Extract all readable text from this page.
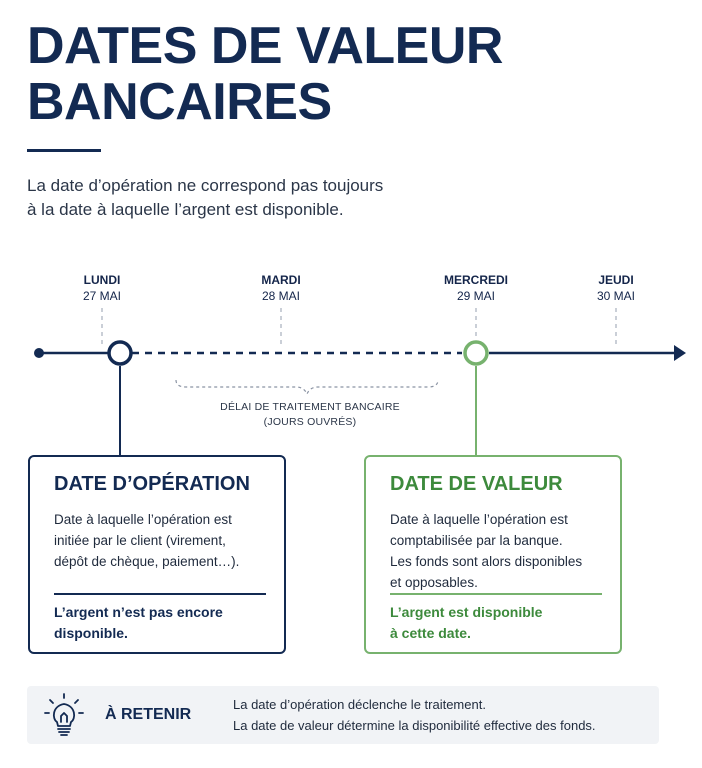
DATES DE VALEUR
BANCAIRES

La date d’opération ne correspond pas toujours
à la date à laquelle l’argent est disponible.

LUNDI
27 MAI
MARDI
28 MAI
MERCREDI
29 MAI
JEUDI
30 MAI
DÉLAI DE TRAITEMENT BANCAIRE
(JOURS OUVRÉS)
DATE D’OPÉRATION

Date à laquelle l’opération est
initiée par le client (virement,
dépôt de chèque, paiement…).

L’argent n’est pas encore
disponible.

DATE DE VALEUR

Date à laquelle l’opération est
comptabilisée par la banque.
Les fonds sont alors disponibles
et opposables.

L’argent est disponible
à cette date.

À RETENIR

La date d’opération déclenche le traitement.

La date de valeur détermine la disponibilité effective des fonds.
